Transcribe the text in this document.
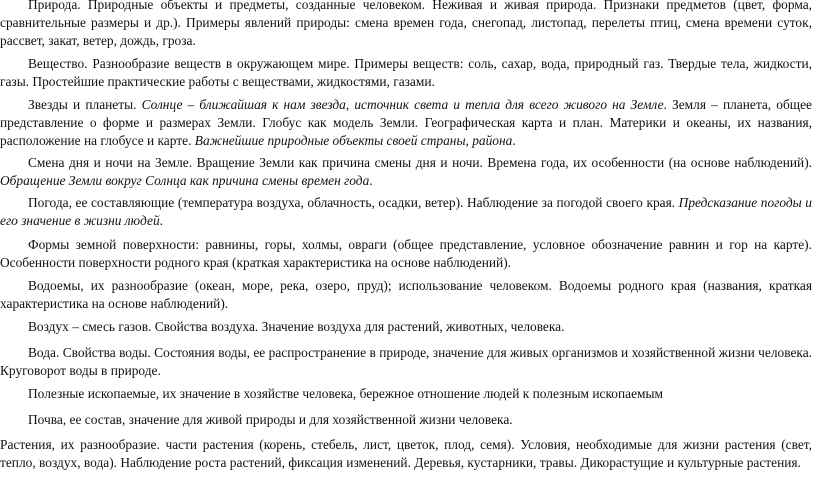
Природа. Природные объекты и предметы, созданные человеком. Неживая и живая природа. Признаки предметов (цвет, форма, сравнительные размеры и др.). Примеры явлений природы: смена времен года, снегопад, листопад, перелеты птиц, смена времени суток, рассвет, закат, ветер, дождь, гроза.

Вещество. Разнообразие веществ в окружающем мире. Примеры веществ: соль, сахар, вода, природный газ. Твердые тела, жидкости, газы. Простейшие практические работы с веществами, жидкостями, газами.

Звезды и планеты. Солнце – ближайшая к нам звезда, источник света и тепла для всего живого на Земле. Земля – планета, общее представление о форме и размерах Земли. Глобус как модель Земли. Географическая карта и план. Материки и океаны, их названия, расположение на глобусе и карте. Важнейшие природные объекты своей страны, района.

Смена дня и ночи на Земле. Вращение Земли как причина смены дня и ночи. Времена года, их особенности (на основе наблюдений). Обращение Земли вокруг Солнца как причина смены времен года.

Погода, ее составляющие (температура воздуха, облачность, осадки, ветер). Наблюдение за погодой своего края. Предсказание погоды и его значение в жизни людей.

Формы земной поверхности: равнины, горы, холмы, овраги (общее представление, условное обозначение равнин и гор на карте). Особенности поверхности родного края (краткая характеристика на основе наблюдений).

Водоемы, их разнообразие (океан, море, река, озеро, пруд); использование человеком. Водоемы родного края (названия, краткая характеристика на основе наблюдений).

Воздух – смесь газов. Свойства воздуха. Значение воздуха для растений, животных, человека.

Вода. Свойства воды. Состояния воды, ее распространение в природе, значение для живых организмов и хозяйственной жизни человека. Круговорот воды в природе.

Полезные ископаемые, их значение в хозяйстве человека, бережное отношение людей к полезным ископаемым

Почва, ее состав, значение для живой природы и для хозяйственной жизни человека.

Растения, их разнообразие. части растения (корень, стебель, лист, цветок, плод, семя). Условия, необходимые для жизни растения (свет, тепло, воздух, вода). Наблюдение роста растений, фиксация изменений. Деревья, кустарники, травы. Дикорастущие и культурные растения.
